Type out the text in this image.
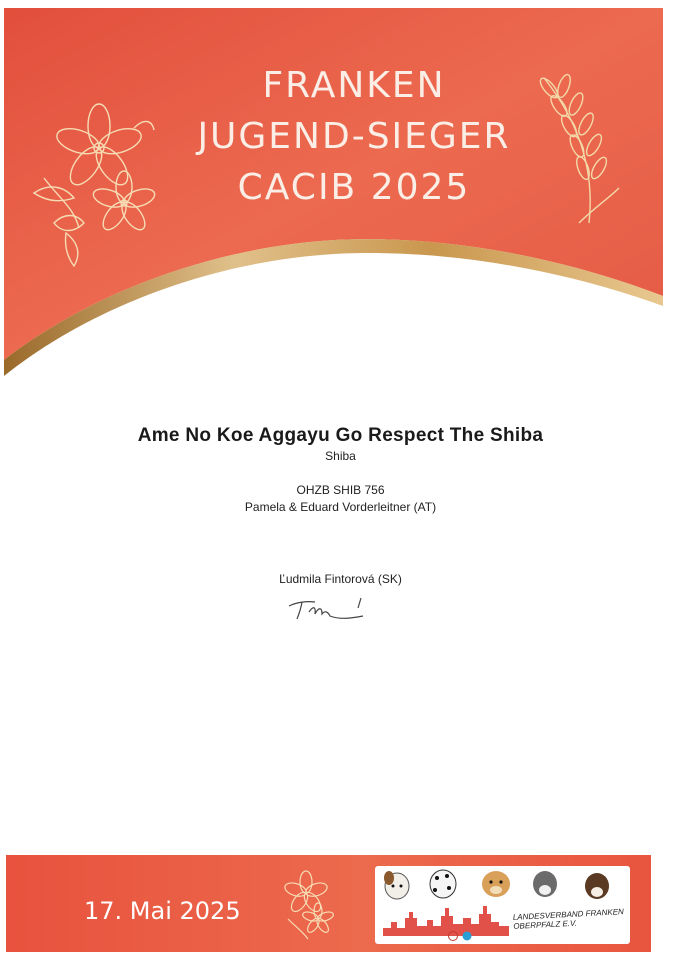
FRANKEN
JUGEND-SIEGER
CACIB 2025
Ame No Koe Aggayu Go Respect The Shiba
Shiba
OHZB SHIB 756
Pamela & Eduard Vorderleitner (AT)
Ľudmila Fintorová (SK)
17. Mai 2025	LANDESVERBAND FRANKEN OBERPFALZ E.V.
